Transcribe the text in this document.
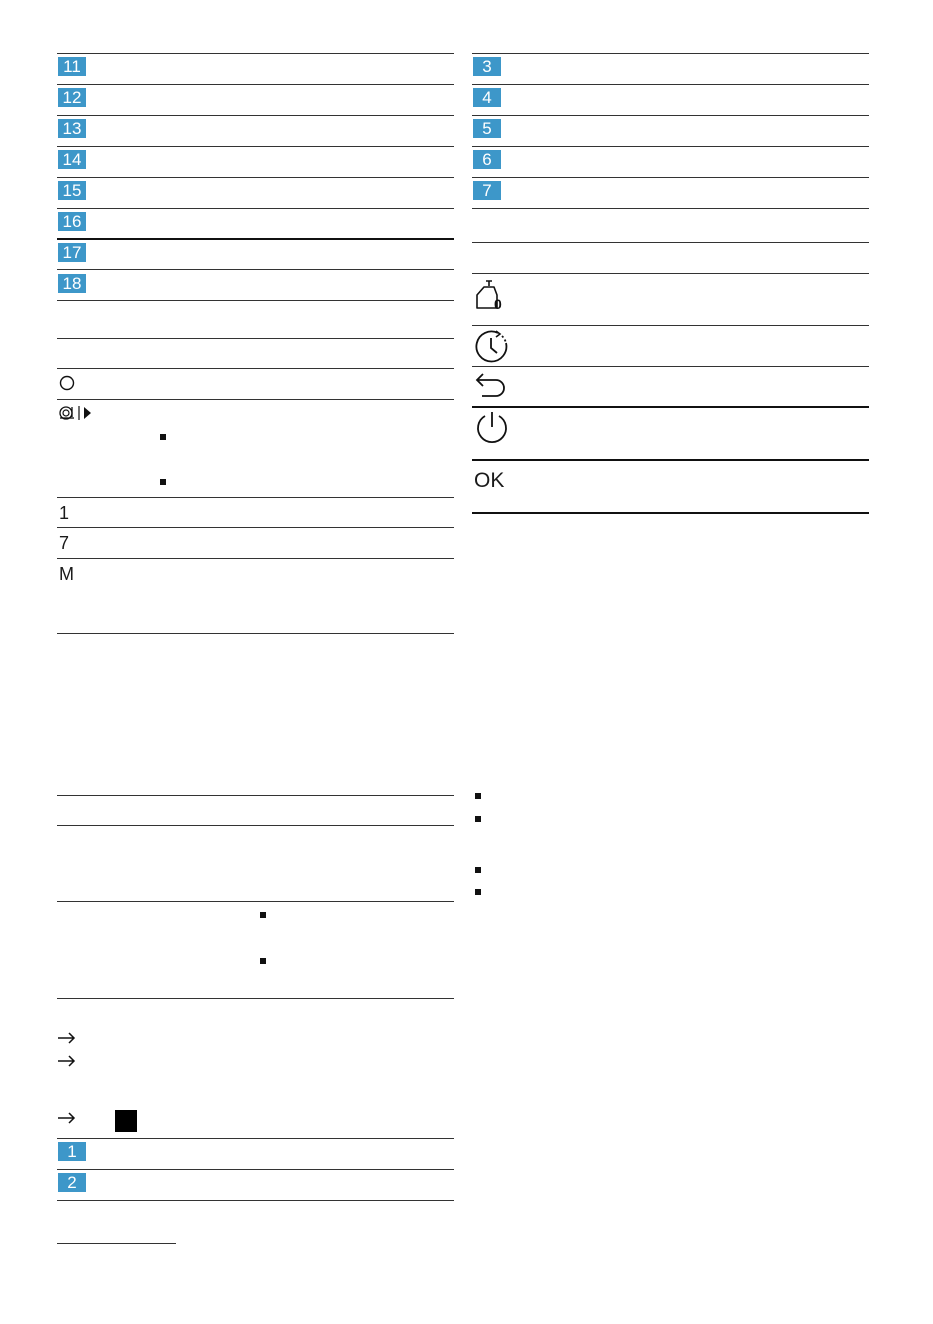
11
12
13
14
15
16
17
18
1
7
M
3
4
5
6
7
0
OK
1
2
